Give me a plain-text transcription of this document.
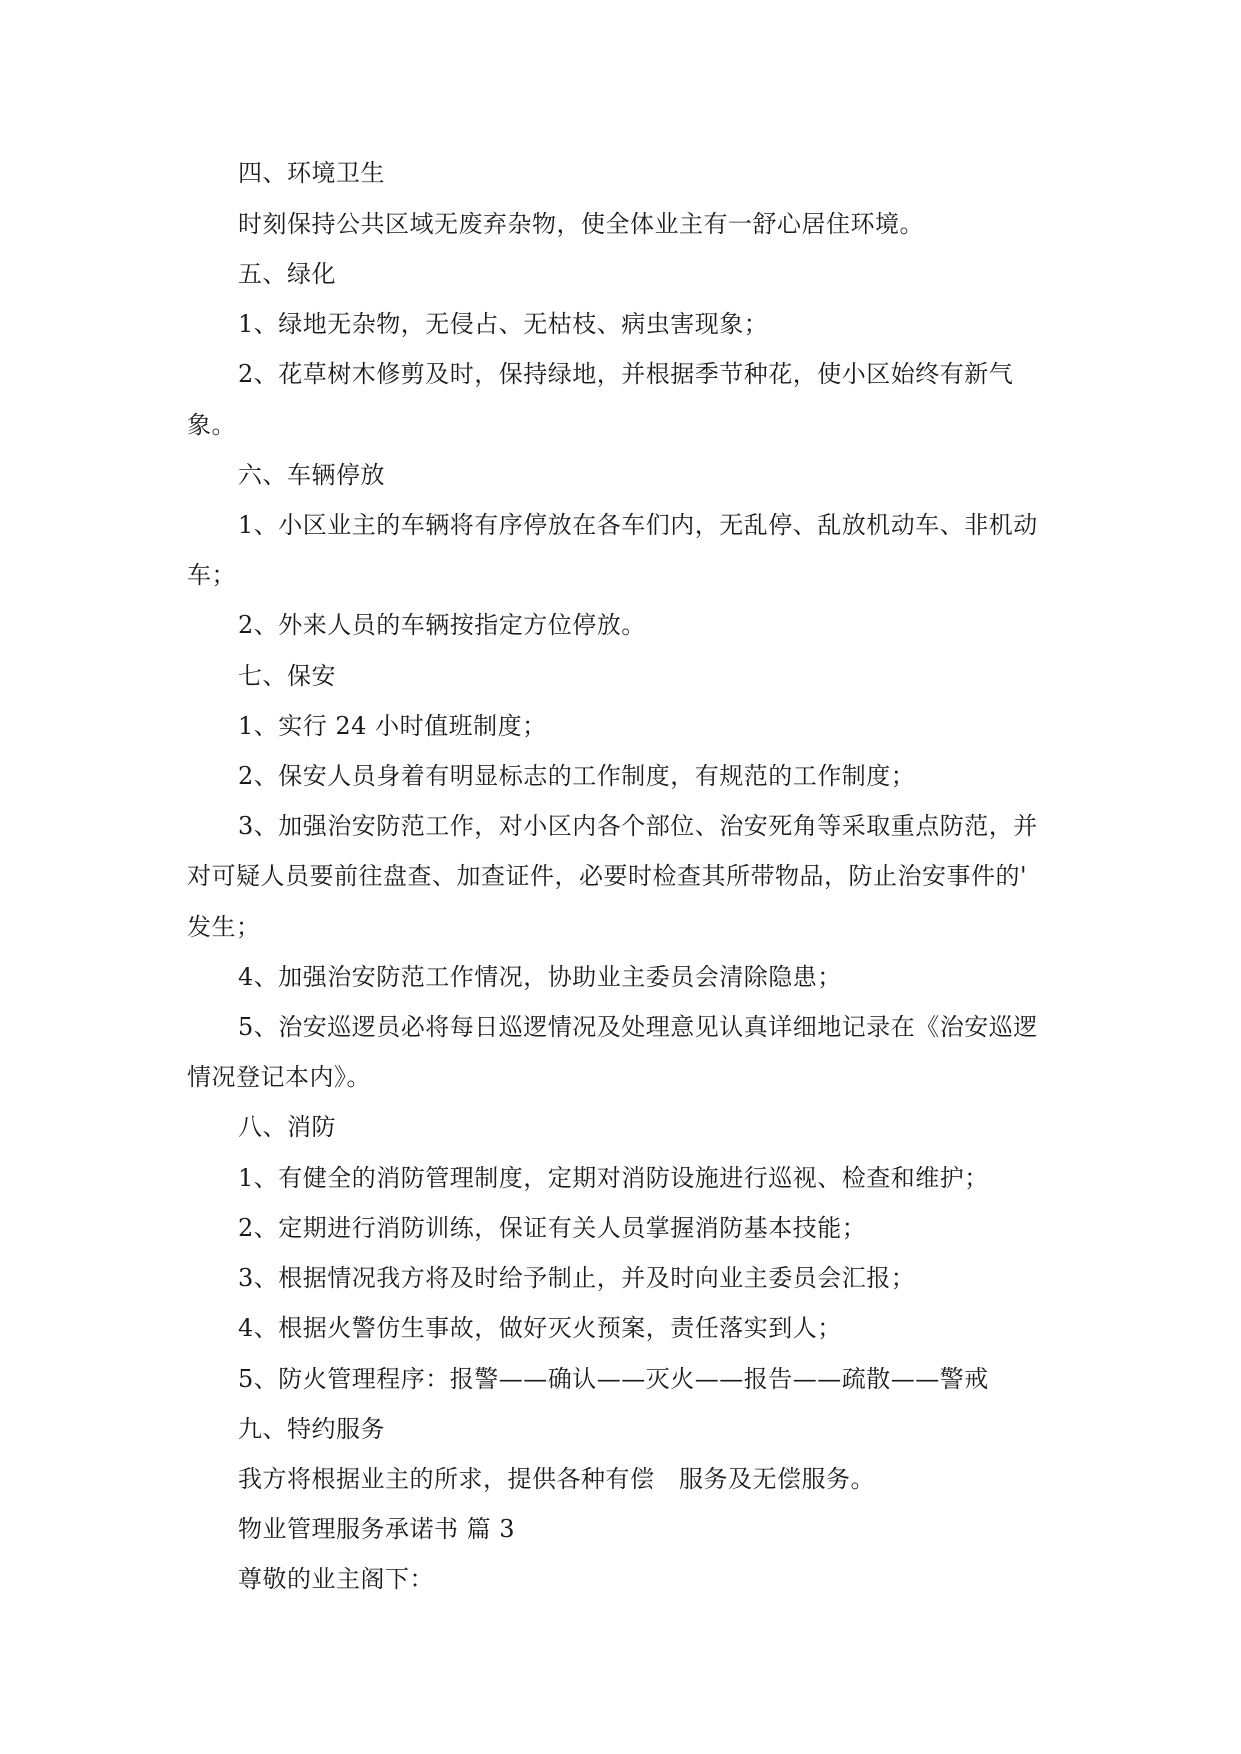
四、环境卫生
时刻保持公共区域无废弃杂物，使全体业主有一舒心居住环境。
五、绿化
1、绿地无杂物，无侵占、无枯枝、病虫害现象；
2、花草树木修剪及时，保持绿地，并根据季节种花，使小区始终有新气
象。
六、车辆停放
1、小区业主的车辆将有序停放在各车们内，无乱停、乱放机动车、非机动
车；
2、外来人员的车辆按指定方位停放。
七、保安
1、实行 24 小时值班制度；
2、保安人员身着有明显标志的工作制度，有规范的工作制度；
3、加强治安防范工作，对小区内各个部位、治安死角等采取重点防范，并
对可疑人员要前往盘查、加查证件，必要时检查其所带物品，防止治安事件的'
发生；
4、加强治安防范工作情况，协助业主委员会清除隐患；
5、治安巡逻员必将每日巡逻情况及处理意见认真详细地记录在《治安巡逻
情况登记本内》。
八、消防
1、有健全的消防管理制度，定期对消防设施进行巡视、检查和维护；
2、定期进行消防训练，保证有关人员掌握消防基本技能；
3、根据情况我方将及时给予制止，并及时向业主委员会汇报；
4、根据火警仿生事故，做好灭火预案，责任落实到人；
5、防火管理程序：报警——确认——灭火——报告——疏散——警戒
九、特约服务
我方将根据业主的所求，提供各种有偿　服务及无偿服务。
物业管理服务承诺书 篇 3
尊敬的业主阁下：
